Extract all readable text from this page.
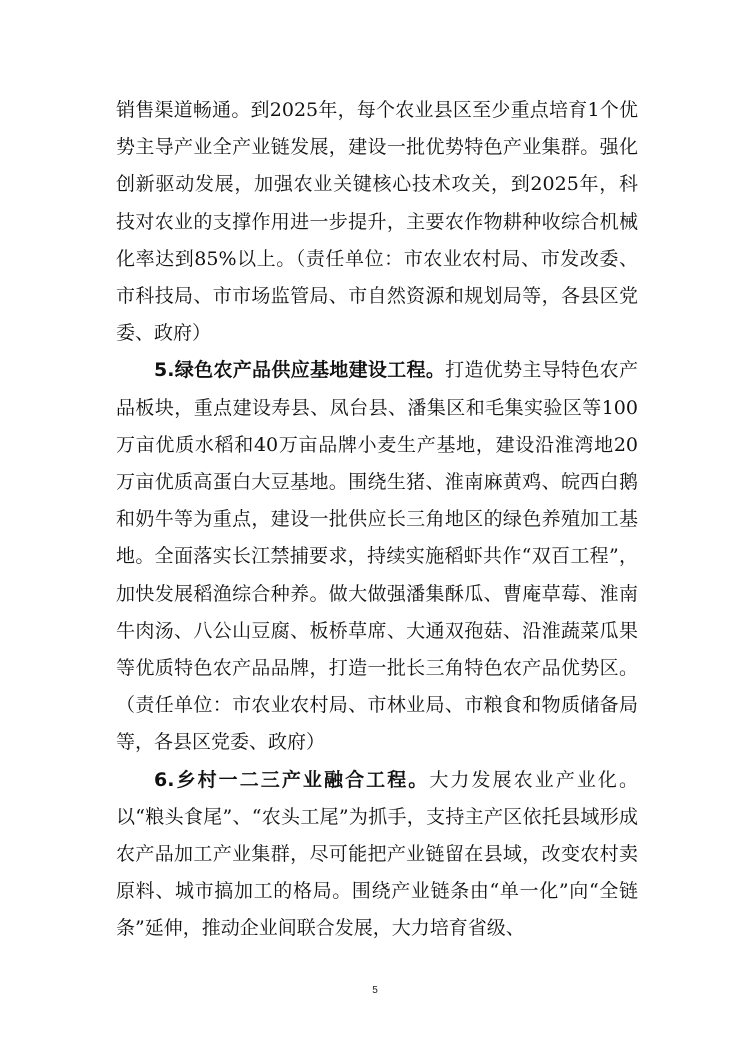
销售渠道畅通。到2025年，每个农业县区至少重点培育1个优势主导产业全产业链发展，建设一批优势特色产业集群。强化创新驱动发展，加强农业关键核心技术攻关，到2025年，科技对农业的支撑作用进一步提升，主要农作物耕种收综合机械化率达到85%以上。（责任单位：市农业农村局、市发改委、市科技局、市市场监管局、市自然资源和规划局等，各县区党委、政府）

5.绿色农产品供应基地建设工程。打造优势主导特色农产品板块，重点建设寿县、凤台县、潘集区和毛集实验区等100万亩优质水稻和40万亩品牌小麦生产基地，建设沿淮湾地20万亩优质高蛋白大豆基地。围绕生猪、淮南麻黄鸡、皖西白鹅和奶牛等为重点，建设一批供应长三角地区的绿色养殖加工基地。全面落实长江禁捕要求，持续实施稻虾共作“双百工程”，加快发展稻渔综合种养。做大做强潘集酥瓜、曹庵草莓、淮南牛肉汤、八公山豆腐、板桥草席、大通双孢菇、沿淮蔬菜瓜果等优质特色农产品品牌，打造一批长三角特色农产品优势区。（责任单位：市农业农村局、市林业局、市粮食和物质储备局等，各县区党委、政府）

6.乡村一二三产业融合工程。大力发展农业产业化。以“粮头食尾”、“农头工尾”为抓手，支持主产区依托县域形成农产品加工产业集群，尽可能把产业链留在县域，改变农村卖原料、城市搞加工的格局。围绕产业链条由“单一化”向“全链条”延伸，推动企业间联合发展，大力培育省级、

5
